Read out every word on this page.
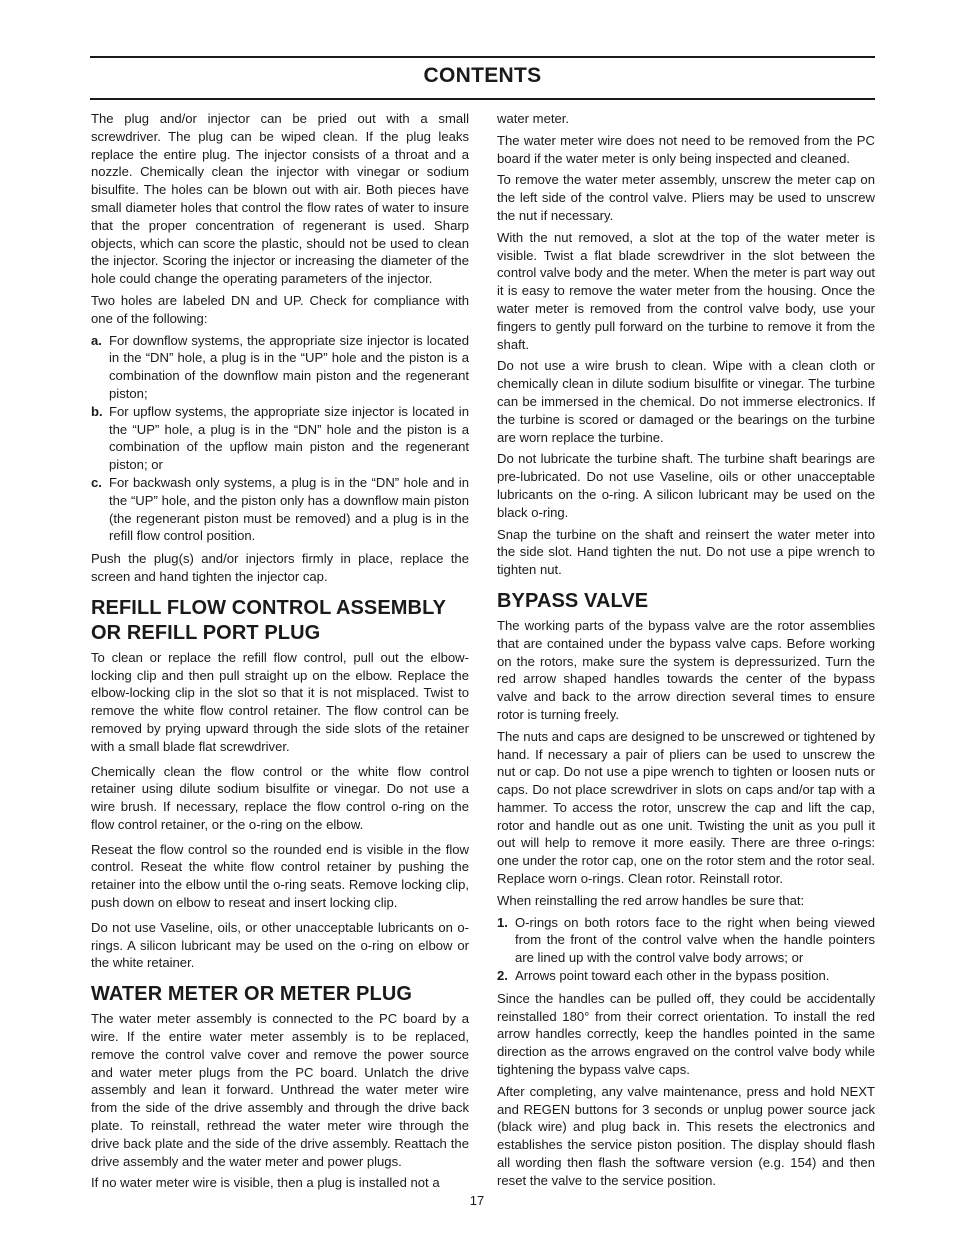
CONTENTS

The plug and/or injector can be pried out with a small screwdriver. The plug can be wiped clean. If the plug leaks replace the entire plug. The injector consists of a throat and a nozzle. Chemically clean the injector with vinegar or sodium bisulfite. The holes can be blown out with air. Both pieces have small diameter holes that control the flow rates of water to insure that the proper concentration of regenerant is used. Sharp objects, which can score the plastic, should not be used to clean the injector. Scoring the injector or increasing the diameter of the hole could change the operating parameters of the injector.

Two holes are labeled DN and UP. Check for compliance with one of the following:

a. For downflow systems, the appropriate size injector is located in the “DN” hole, a plug is in the “UP” hole and the piston is a combination of the downflow main piston and the regenerant piston;
b. For upflow systems, the appropriate size injector is located in the “UP” hole, a plug is in the “DN” hole and the piston is a combination of the upflow main piston and the regenerant piston; or
c. For backwash only systems, a plug is in the “DN” hole and in the “UP” hole, and the piston only has a downflow main piston (the regenerant piston must be removed) and a plug is in the refill flow control position.

Push the plug(s) and/or injectors firmly in place, replace the screen and hand tighten the injector cap.

REFILL FLOW CONTROL ASSEMBLY OR REFILL PORT PLUG

To clean or replace the refill flow control, pull out the elbow-locking clip and then pull straight up on the elbow. Replace the elbow-locking clip in the slot so that it is not misplaced. Twist to remove the white flow control retainer. The flow control can be removed by prying upward through the side slots of the retainer with a small blade flat screwdriver.

Chemically clean the flow control or the white flow control retainer using dilute sodium bisulfite or vinegar. Do not use a wire brush. If necessary, replace the flow control o-ring on the flow control retainer, or the o-ring on the elbow.

Reseat the flow control so the rounded end is visible in the flow control. Reseat the white flow control retainer by pushing the retainer into the elbow until the o-ring seats. Remove locking clip, push down on elbow to reseat and insert locking clip.

Do not use Vaseline, oils, or other unacceptable lubricants on o-rings. A silicon lubricant may be used on the o-ring on elbow or the white retainer.

WATER METER OR METER PLUG

The water meter assembly is connected to the PC board by a wire. If the entire water meter assembly is to be replaced, remove the control valve cover and remove the power source and water meter plugs from the PC board. Unlatch the drive assembly and lean it forward. Unthread the water meter wire from the side of the drive assembly and through the drive back plate. To reinstall, rethread the water meter wire through the drive back plate and the side of the drive assembly. Reattach the drive assembly and the water meter and power plugs.

If no water meter wire is visible, then a plug is installed not a

water meter.

The water meter wire does not need to be removed from the PC board if the water meter is only being inspected and cleaned.

To remove the water meter assembly, unscrew the meter cap on the left side of the control valve. Pliers may be used to unscrew the nut if necessary.

With the nut removed, a slot at the top of the water meter is visible. Twist a flat blade screwdriver in the slot between the control valve body and the meter. When the meter is part way out it is easy to remove the water meter from the housing. Once the water meter is removed from the control valve body, use your fingers to gently pull forward on the turbine to remove it from the shaft.

Do not use a wire brush to clean. Wipe with a clean cloth or chemically clean in dilute sodium bisulfite or vinegar. The turbine can be immersed in the chemical. Do not immerse electronics. If the turbine is scored or damaged or the bearings on the turbine are worn replace the turbine.

Do not lubricate the turbine shaft. The turbine shaft bearings are pre-lubricated. Do not use Vaseline, oils or other unacceptable lubricants on the o-ring. A silicon lubricant may be used on the black o-ring.

Snap the turbine on the shaft and reinsert the water meter into the side slot. Hand tighten the nut. Do not use a pipe wrench to tighten nut.

BYPASS VALVE

The working parts of the bypass valve are the rotor assemblies that are contained under the bypass valve caps. Before working on the rotors, make sure the system is depressurized. Turn the red arrow shaped handles towards the center of the bypass valve and back to the arrow direction several times to ensure rotor is turning freely.

The nuts and caps are designed to be unscrewed or tightened by hand. If necessary a pair of pliers can be used to unscrew the nut or cap. Do not use a pipe wrench to tighten or loosen nuts or caps. Do not place screwdriver in slots on caps and/or tap with a hammer. To access the rotor, unscrew the cap and lift the cap, rotor and handle out as one unit. Twisting the unit as you pull it out will help to remove it more easily. There are three o-rings: one under the rotor cap, one on the rotor stem and the rotor seal. Replace worn o-rings. Clean rotor. Reinstall rotor.

When reinstalling the red arrow handles be sure that:

1. O-rings on both rotors face to the right when being viewed from the front of the control valve when the handle pointers are lined up with the control valve body arrows; or
2. Arrows point toward each other in the bypass position.

Since the handles can be pulled off, they could be accidentally reinstalled 180° from their correct orientation. To install the red arrow handles correctly, keep the handles pointed in the same direction as the arrows engraved on the control valve body while tightening the bypass valve caps.

After completing, any valve maintenance, press and hold NEXT and REGEN buttons for 3 seconds or unplug power source jack (black wire) and plug back in. This resets the electronics and establishes the service piston position. The display should flash all wording then flash the software version (e.g. 154) and then reset the valve to the service position.

17
